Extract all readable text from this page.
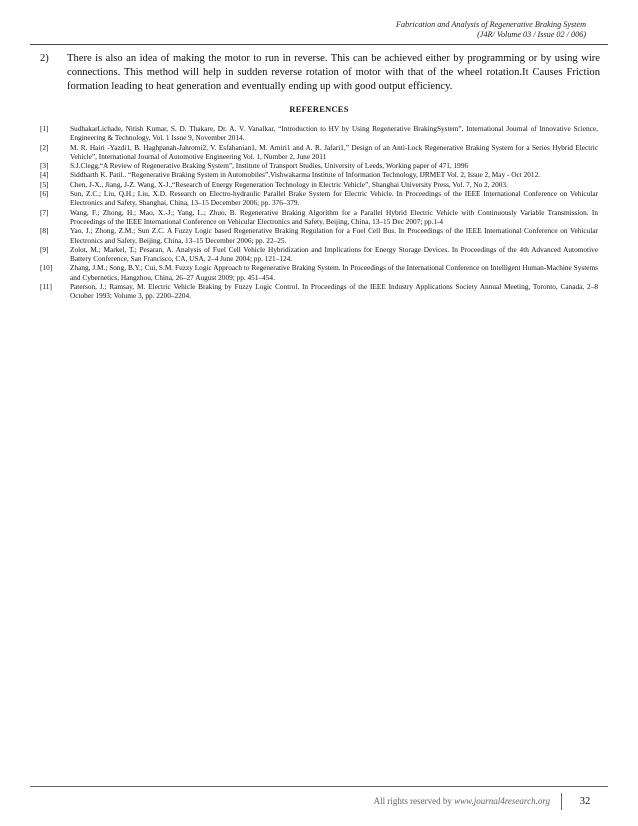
Fabrication and Analysis of Regenerative Braking System
(J4R/ Volume 03 / Issue 02 / 006)
2) There is also an idea of making the motor to run in reverse. This can be achieved either by programming or by using wire connections. This method will help in sudden reverse rotation of motor with that of the wheel rotation.It Causes Friction formation leading to heat generation and eventually ending up with good output efficiency.
REFERENCES
[1]	SudhakarLichade, Nitish Kumar, S. D. Thakare, Dr. A. V. Vanalkar, “Introduction to HV by Using Regenerative BrakingSystem”, International Journal of Innovative Science, Engineering & Technology, Vol. 1 Issue 9, November 2014.
[2]	M. R. Hairi -Yazdi1, B. Haghpanah-Jahromi2, V. Esfahanian1, M. Amiri1 and A. R. Jafari1,” Design of an Anti-Lock Regenerative Braking System for a Series Hybrid Electric Vehicle”, International Journal of Automotive Engineering Vol. 1, Number 2, June 2011
[3]	S.J.Clegg,“A Review of Regenerative Braking System”, Institute of Transport Studies, University of Leeds, Working paper of 471, 1996
[4]	Siddharth K. Patil.. “Regenerative Braking System in Automobiles”,Vishwakarma Institute of Information Technology, IJRMET Vol. 2, Issue 2, May - Oct 2012.
[5]	Chen, J-X., Jiang, J-Z. Wang, X-J.,“Research of Energy Regeneration Technology in Electric Vehicle”, Shanghai University Press, Vol. 7, No 2, 2003.
[6]	Sun, Z.C.; Liu, Q.H.; Liu, X.D. Research on Electro-hydraulic Parallel Brake System for Electric Vehicle. In Proceedings of the IEEE International Conference on Vehicular Electronics and Safety, Shanghai, China, 13–15 December 2006; pp. 376–379.
[7]	Wang, F.; Zhong, H.; Mao, X.-J.; Yang, L.; Zhuo, B. Regenerative Braking Algorithm for a Parallel Hybrid Electric Vehicle with Continuously Variable Transmission. In Proceedings of the IEEE International Conference on Vehicular Electronics and Safety, Beijing, China, 13–15 Dec 2007; pp.1-4
[8]	Yao, J.; Zhong, Z.M.; Sun Z.C. A Fuzzy Logic based Regenerative Braking Regulation for a Fuel Cell Bus. In Proceedings of the IEEE International Conference on Vehicular Electronics and Safety, Beijing, China, 13–15 December 2006; pp. 22–25.
[9]	Zolot, M.; Markel, T.; Pesaran, A. Analysis of Fuel Cell Vehicle Hybridization and Implications for Energy Storage Devices. In Proceedings of the 4th Advanced Automotive Battery Conference, San Francisco, CA, USA, 2–4 June 2004; pp. 121–124.
[10] Zhang, J.M.; Song, B.Y.; Cui, S.M. Fuzzy Logic Approach to Regenerative Braking System. In Proceedings of the International Conference on Intelligent Human-Machine Systems and Cybernetics, Hangzhou, China, 26–27 August 2009; pp. 451–454.
[11] Paterson, J.; Ramsay, M. Electric Vehicle Braking by Fuzzy Logic Control. In Proceedings of the IEEE Industry Applications Society Annual Meeting, Toronto, Canada, 2–8 October 1993; Volume 3, pp. 2200–2204.
All rights reserved by www.journal4research.org	32
